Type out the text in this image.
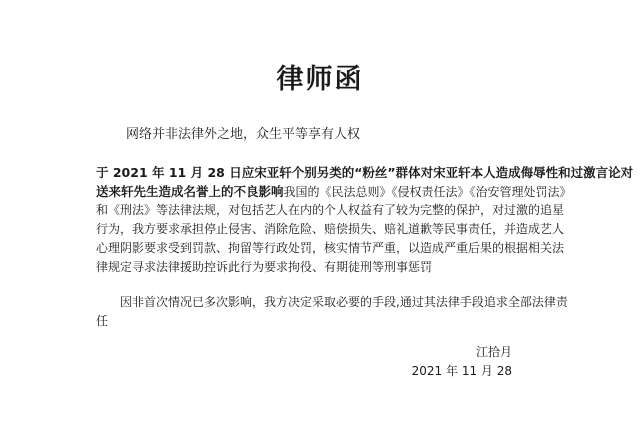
律师函
网络并非法律外之地，众生平等享有人权
于 2021 年 11 月 28 日应宋亚轩个别另类的“粉丝”群体对宋亚轩本人造成侮辱性和过激言论对
送来轩先生造成名誉上的不良影响我国的《民法总则》《侵权责任法》《治安管理处罚法》
和《刑法》等法律法规，对包括艺人在内的个人权益有了较为完整的保护，对过激的追星
行为，我方要求承担停止侵害、消除危险、赔偿损失、赔礼道歉等民事责任，并造成艺人
心理阴影要求受到罚款、拘留等行政处罚，核实情节严重，以造成严重后果的根据相关法
律规定寻求法律援助控诉此行为要求拘役、有期徒刑等刑事惩罚
因非首次情况已多次影响，我方决定采取必要的手段,通过其法律手段追求全部法律责
任
江拾月
2021 年 11 月 28
